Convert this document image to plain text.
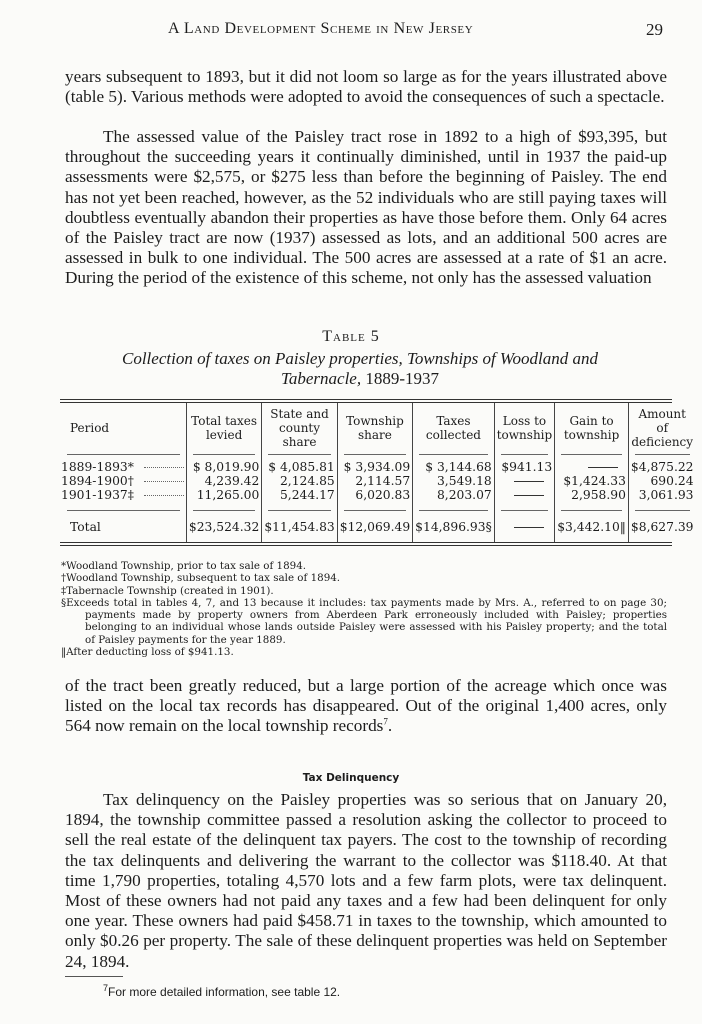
A Land Development Scheme in New Jersey	29

years subsequent to 1893, but it did not loom so large as for the years illustrated above (table 5). Various methods were adopted to avoid the consequences of such a spectacle.

The assessed value of the Paisley tract rose in 1892 to a high of $93,395, but throughout the succeeding years it continually diminished, until in 1937 the paid-up assessments were $2,575, or $275 less than before the beginning of Paisley. The end has not yet been reached, however, as the 52 individuals who are still paying taxes will doubtless eventually abandon their properties as have those before them. Only 64 acres of the Paisley tract are now (1937) assessed as lots, and an additional 500 acres are assessed in bulk to one individual. The 500 acres are assessed at a rate of $1 an acre. During the period of the existence of this scheme, not only has the assessed valuation

Table 5
Collection of taxes on Paisley properties, Townships of Woodland and Tabernacle, 1889-1937
Period	Total taxes levied	State and county share	Township share	Taxes collected	Loss to township	Gain to township	Amount of deficiency

1889-1893*	$ 8,019.90	$ 4,085.81	$ 3,934.09	$ 3,144.68	$941.13		$4,875.22
1894-1900†	4,239.42	2,124.85	2,114.57	3,549.18		$1,424.33	690.24
1901-1937‡	11,265.00	5,244.17	6,020.83	8,203.07		2,958.90	3,061.93

Total	$23,524.32	$11,454.83	$12,069.49	$14,896.93§		$3,442.10‖	$8,627.39
*Woodland Township, prior to tax sale of 1894.
†Woodland Township, subsequent to tax sale of 1894.
‡Tabernacle Township (created in 1901).
§Exceeds total in tables 4, 7, and 13 because it includes: tax payments made by Mrs. A., referred to on page 30; payments made by property owners from Aberdeen Park erroneously included with Paisley; properties belonging to an individual whose lands outside Paisley were assessed with his Paisley property; and the total of Paisley payments for the year 1889.
‖After deducting loss of $941.13.

of the tract been greatly reduced, but a large portion of the acreage which once was listed on the local tax records has disappeared. Out of the original 1,400 acres, only 564 now remain on the local township records$^7$.

Tax Delinquency

Tax delinquency on the Paisley properties was so serious that on January 20, 1894, the township committee passed a resolution asking the collector to proceed to sell the real estate of the delinquent tax payers. The cost to the township of recording the tax delinquents and delivering the warrant to the collector was $118.40. At that time 1,790 properties, totaling 4,570 lots and a few farm plots, were tax delinquent. Most of these owners had not paid any taxes and a few had been delinquent for only one year. These owners had paid $458.71 in taxes to the township, which amounted to only $0.26 per property. The sale of these delinquent properties was held on September 24, 1894.

$^7$For more detailed information, see table 12.
